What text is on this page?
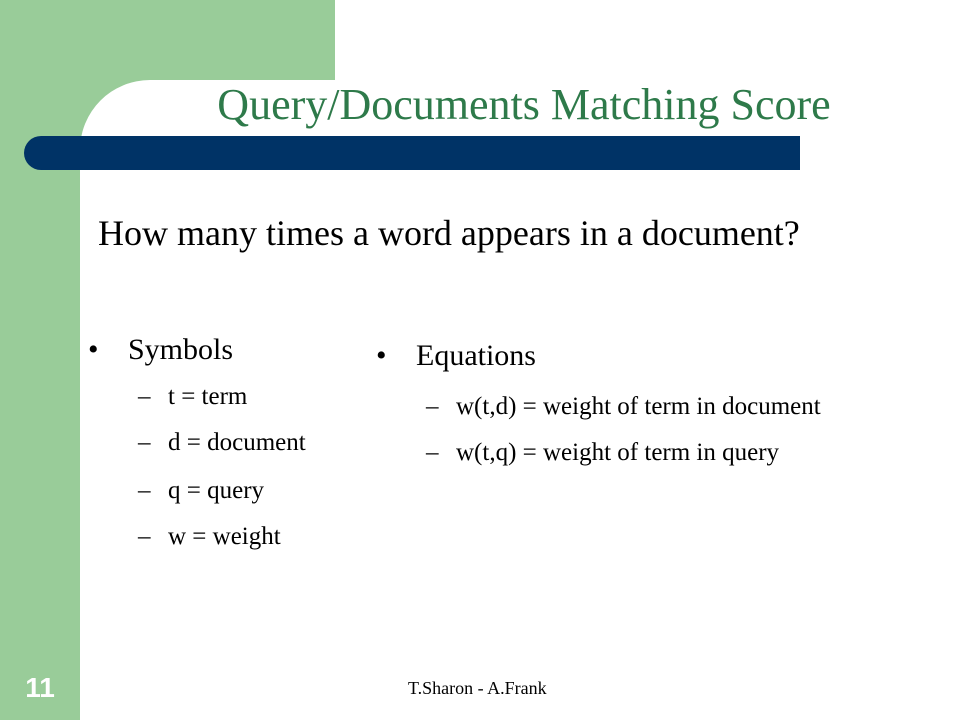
Query/Documents Matching Score
How many times a word appears in a document?
• Symbols
– t = term
– d = document
– q = query
– w = weight
• Equations
– w(t,d) = weight of term in document
– w(t,q) = weight of term in query
T.Sharon - A.Frank
11
